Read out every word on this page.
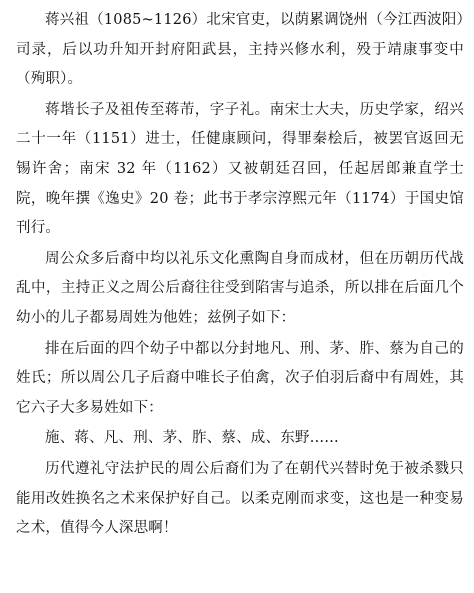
蒋兴祖（1085~1126）北宋官吏，以荫累调饶州（今江西波阳）司录，后以功升知开封府阳武县，主持兴修水利，殁于靖康事变中（殉职）。

蒋堦长子及祖传至蒋芾，字子礼。南宋士大夫，历史学家，绍兴二十一年（1151）进士，任健康顾问，得罪秦桧后，被罢官返回无锡许舍；南宋 32 年（1162）又被朝廷召回，任起居郎兼直学士院，晚年撰《逸史》20 卷；此书于孝宗淳熙元年（1174）于国史馆刊行。

周公众多后裔中均以礼乐文化熏陶自身而成材，但在历朝历代战乱中，主持正义之周公后裔往往受到陷害与追杀，所以排在后面几个幼小的儿子都易周姓为他姓；兹例子如下：

排在后面的四个幼子中都以分封地凡、刑、茅、胙、蔡为自己的姓氏；所以周公几子后裔中唯长子伯禽，次子伯羽后裔中有周姓，其它六子大多易姓如下：

施、蒋、凡、刑、茅、胙、蔡、成、东野……

历代遵礼守法护民的周公后裔们为了在朝代兴替时免于被杀戮只能用改姓换名之术来保护好自己。以柔克刚而求变，这也是一种变易之术，值得今人深思啊！
